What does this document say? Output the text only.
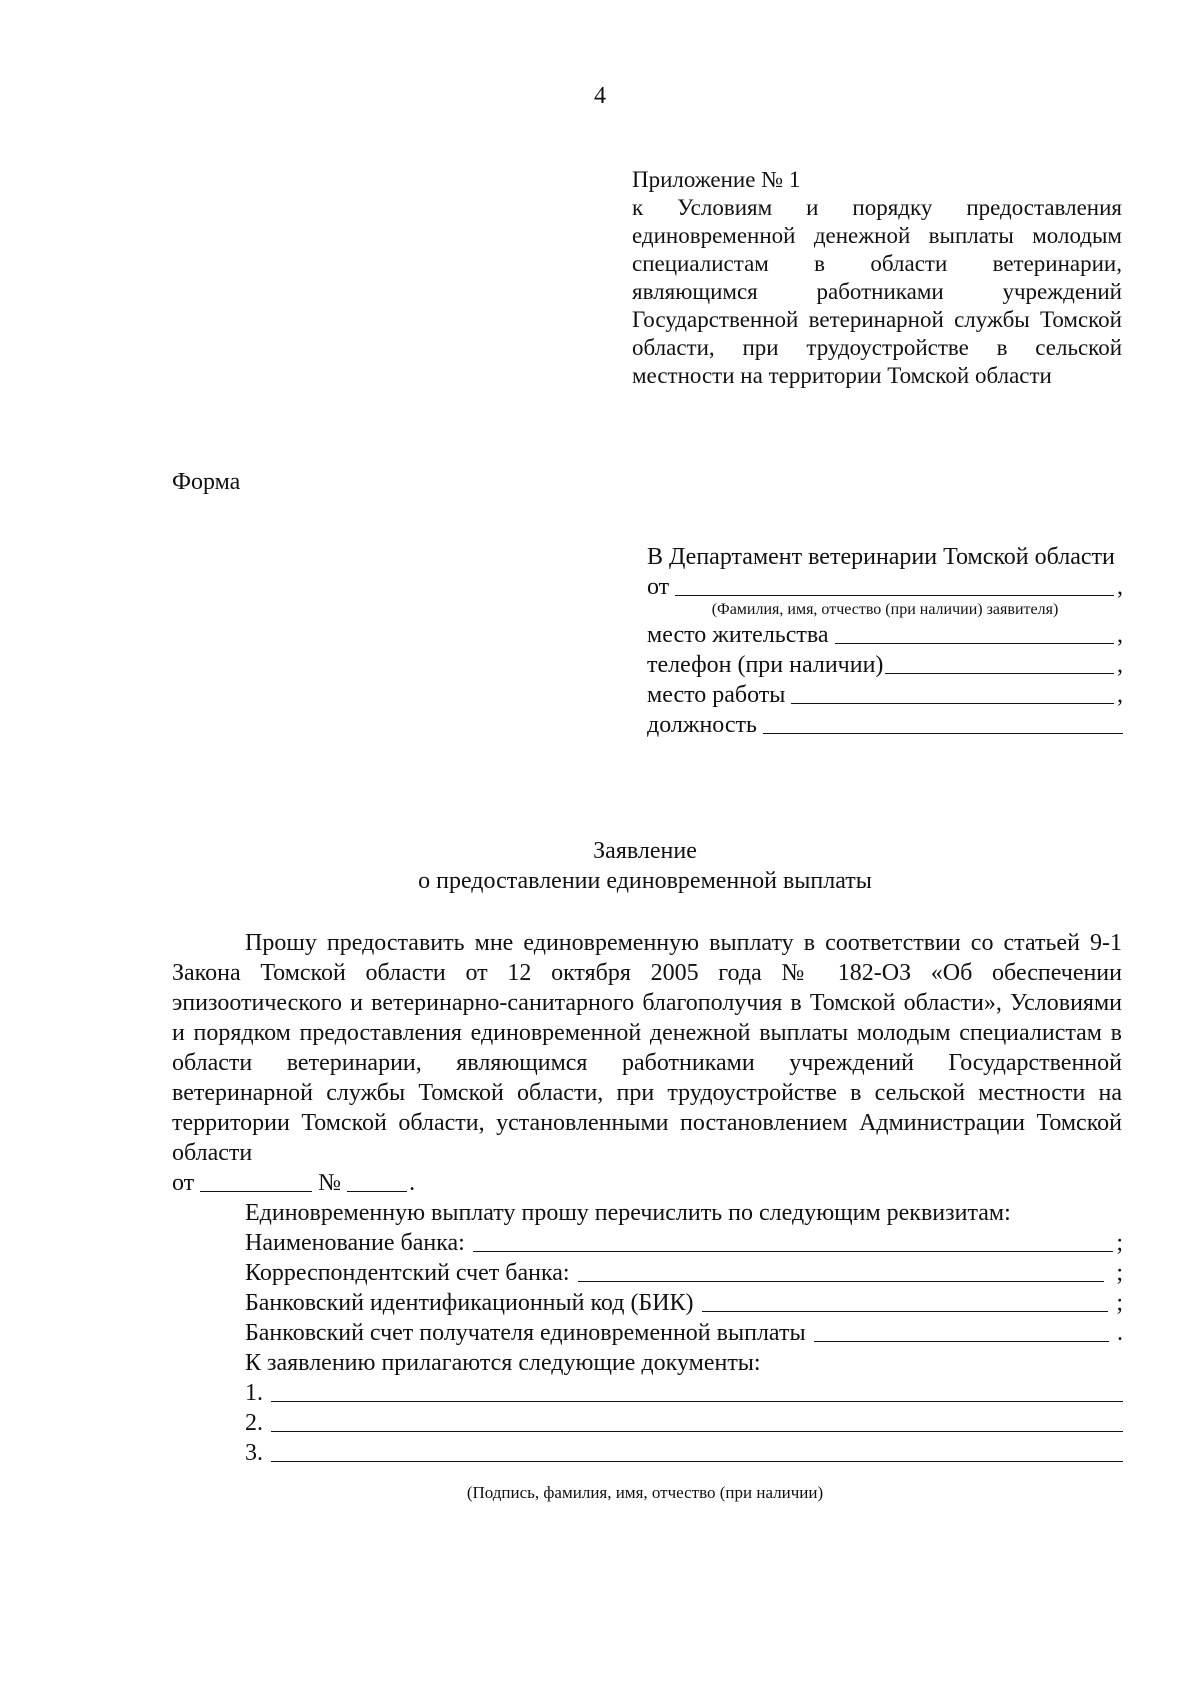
4
Приложение № 1
к Условиям и порядку предоставления единовременной денежной выплаты молодым специалистам в области ветеринарии, являющимся работниками учреждений Государственной ветеринарной службы Томской области, при трудоустройстве в сельской местности на территории Томской области
Форма
В Департамент ветеринарии Томской области
от	,
(Фамилия, имя, отчество (при наличии) заявителя)
место жительства	,
телефон (при наличии)	,
место работы	,
должность
Заявление
о предоставлении единовременной выплаты

Прошу предоставить мне единовременную выплату в соответствии со статьей 9-1 Закона Томской области от 12 октября 2005 года № 182-ОЗ «Об обеспечении эпизоотического и ветеринарно-санитарного благополучия в Томской области», Условиями и порядком предоставления единовременной денежной выплаты молодым специалистам в области ветеринарии, являющимся работниками учреждений Государственной ветеринарной службы Томской области, при трудоустройстве в сельской местности на территории Томской области, установленными постановлением Администрации Томской области

от	№	.
Единовременную выплату прошу перечислить по следующим реквизитам:
Наименование банка:	;
Корреспондентский счет банка:	;
Банковский идентификационный код (БИК)	;
Банковский счет получателя единовременной выплаты	.
К заявлению прилагаются следующие документы:
1.
2.
3.
(Подпись, фамилия, имя, отчество (при наличии)
